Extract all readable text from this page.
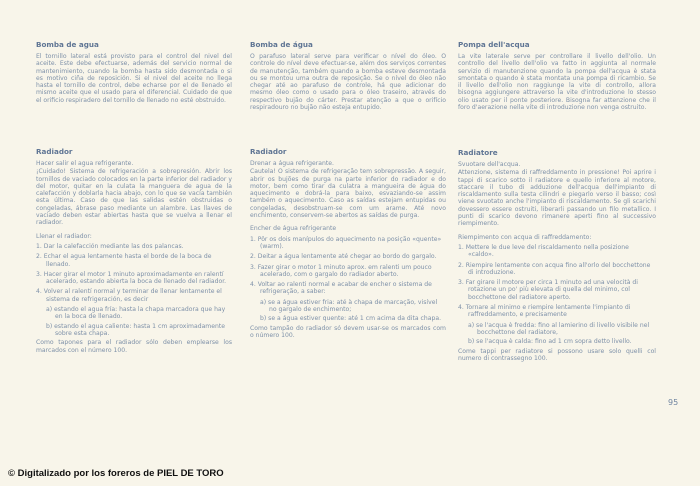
Bomba de agua

El tornillo lateral está provisto para el control del nivel del aceite. Este debe efectuarse, además del servicio normal de mantenimiento, cuando la bomba hasta sido desmontada o si es motivo ciña de reposición. Si el nivel del aceite no llega hasta el tornillo de control, debe echarse por el de llenado el mismo aceite que el usado para el diferencial. Cuidado de que el orificio respiradero del tornillo de llenado no esté obstruido.

Radiador

Hacer salir el agua refrigerante.

¡Cuidado! Sistema de refrigeración a sobrepresión. Abrir los tornillos de vaciado colocados en la parte inferior del radiador y del motor, quitar en la culata la manguera de agua de la calefacción y doblarla hacia abajo, con lo que se vacía también esta última. Caso de que las salidas estén obstruidas o congeladas, ábrase paso mediante un alambre. Las llaves de vaciado deben estar abiertas hasta que se vuelva a llenar el radiador.

Llenar el radiador:

1. Dar la calefacción mediante las dos palancas.
2. Echar el agua lentamente hasta el borde de la boca de llenado.
3. Hacer girar el motor 1 minuto aproximadamente en ralentí acelerado, estando abierta la boca de llenado del radiador.
4. Volver al ralentí normal y terminar de llenar lentamente el sistema de refrigeración, es decir
a) estando el agua fría: hasta la chapa marcadora que hay en la boca de llenado.
b) estando el agua caliente: hasta 1 cm aproximadamente sobre esta chapa.

Como tapones para el radiador sólo deben emplearse los marcados con el número 100.

Bomba de água

O parafuso lateral serve para verificar o nível do óleo. O controle do nível deve efectuar-se, além dos serviços correntes de manutenção, também quando a bomba esteve desmontada ou se montou uma outra de reposição. Se o nível do óleo não chegar até ao parafuso de controle, há que adicionar do mesmo óleo como o usado para o óleo traseiro, através do respectivo bujão do cárter. Prestar atenção a que o orifício respiradouro no bujão não esteja entupido.

Radiador

Drenar a água refrigerante.

Cautela! O sistema de refrigeração tem sobrepressão. A seguir, abrir os bujões de purga na parte inferior do radiador e do motor, bem como tirar da culatra a mangueira de água do aquecimento e dobrá-la para baixo, esvaziando-se assim também o aquecimento. Caso as saídas estejam entupidas ou congeladas, desobstruam-se com um arame. Até novo enchimento, conservem-se abertos as saídas de purga.

Encher de água refrigerante

1. Pôr os dois manípulos do aquecimento na posição «quente» (warm).
2. Deitar a água lentamente até chegar ao bordo do gargalo.
3. Fazer girar o motor 1 minuto aprox. em ralenti um pouco acelerado, com o gargalo do radiador aberto.
4. Voltar ao ralenti normal e acabar de encher o sistema de refrigeração, a saber:
a) se a água estiver fria: até à chapa de marcação, visível no gargalo de enchimento;
b) se a água estiver quente: até 1 cm acima da dita chapa.

Como tampão do radiador só devem usar-se os marcados com o número 100.

Pompa dell'acqua

La vite laterale serve per controllare il livello dell'olio. Un controllo del livello dell'olio va fatto in aggiunta al normale servizio di manutenzione quando la pompa dell'acqua è stata smontata o quando è stata montata una pompa di ricambio. Se il livello dell'olio non raggiunge la vite di controllo, allora bisogna aggiungere attraverso la vite d'introduzione lo stesso olio usato per il ponte posteriore. Bisogna far attenzione che il foro d'aerazione nella vite di introduzione non venga ostruito.

Radiatore

Svuotare dell'acqua.

Attenzione, sistema di raffreddamento in pressione! Poi aprire i tappi di scarico sotto il radiatore e quello inferiore al motore, staccare il tubo di adduzione dell'acqua dell'impianto di riscaldamento sulla testa cilindri e piegarlo verso il basso; così viene svuotato anche l'impianto di riscaldamento. Se gli scarichi dovessero essere ostruiti, liberarli passando un filo metallico. I punti di scarico devono rimanere aperti fino al successivo riempimento.

Riempimento con acqua di raffreddamento:

1. Mettere le due leve del riscaldamento nella posizione «caldo».
2. Riempire lentamente con acqua fino all'orlo del bocchettone di introduzione.
3. Far girare il motore per circa 1 minuto ad una velocità di rotazione un po' più elevata di quella del minimo, col bocchettone del radiatore aperto.
4. Tornare al minimo e riempire lentamente l'impianto di raffreddamento, e precisamente
a) se l'acqua è fredda: fino al lamierino di livello visibile nel bocchettone del radiatore,
b) se l'acqua è calda: fino ad 1 cm sopra detto livello.

Come tappi per radiatore si possono usare solo quelli col numero di contrassegno 100.

95
© Digitalizado por los foreros de PIEL DE TORO
